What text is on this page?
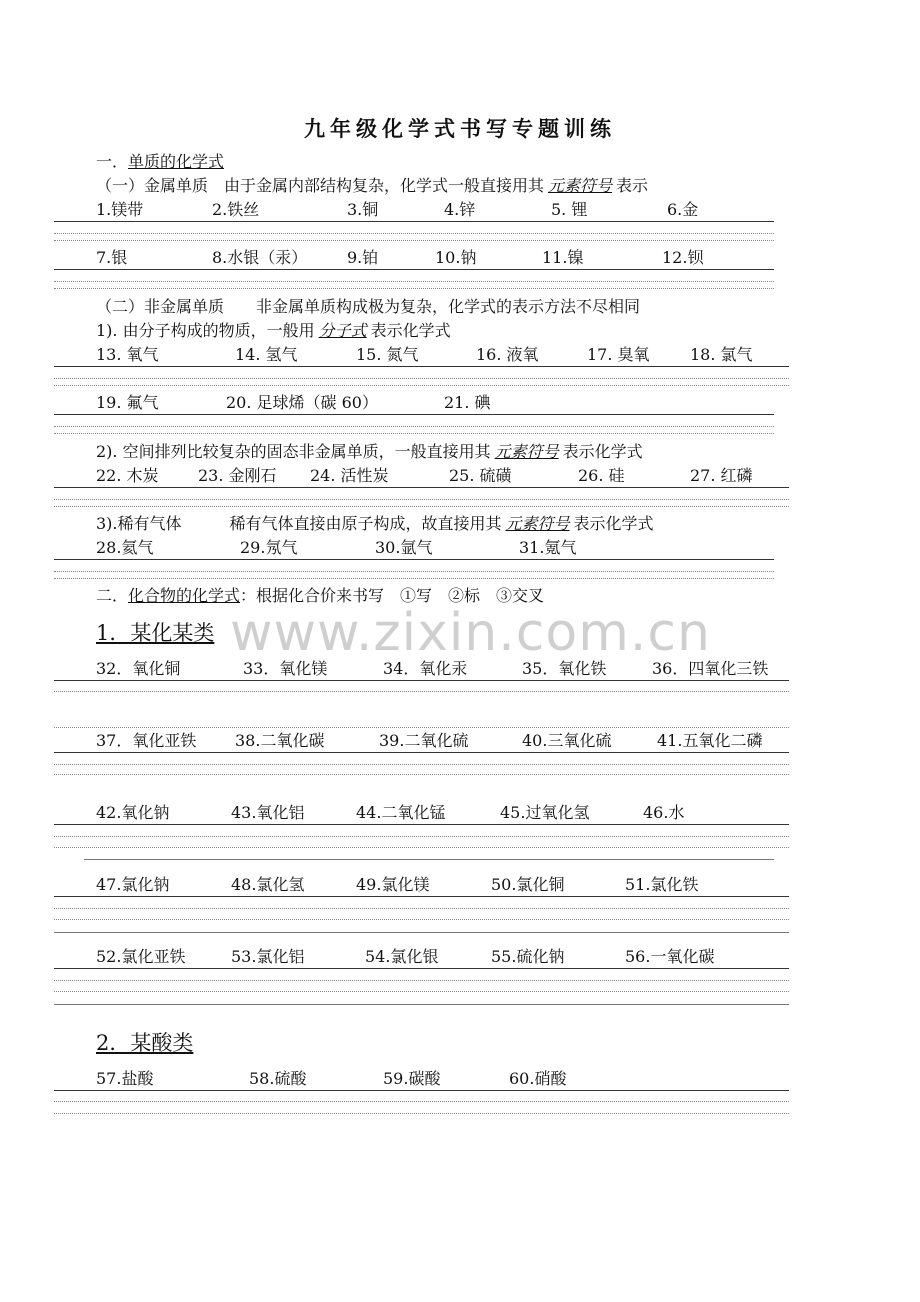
九年级化学式书写专题训练
一．单质的化学式
（一）金属单质　由于金属内部结构复杂，化学式一般直接用其 元素符号 表示
1.镁带	2.铁丝	3.铜	4.锌	5. 锂	6.金
7.银	8.水银（汞） 9.铂	10.钠	11.镍	12.钡
（二）非金属单质　　非金属单质构成极为复杂，化学式的表示方法不尽相同
1). 由分子构成的物质，一般用 分子式 表示化学式
13. 氧气	14. 氢气	15. 氮气	16. 液氧	17. 臭氧	18. 氯气
19. 氟气	20. 足球烯（碳 60）	21. 碘
2). 空间排列比较复杂的固态非金属单质，一般直接用其 元素符号 表示化学式
22. 木炭 23. 金刚石 24. 活性炭	25. 硫磺	26. 硅	27. 红磷
3).稀有气体　　　稀有气体直接由原子构成，故直接用其 元素符号 表示化学式
28.氦气	29.氖气	30.氩气	31.氪气
二．化合物的化学式：根据化合价来书写　①写　②标　③交叉
www.zixin.com.cn
1．某化某类
32．氧化铜	33．氧化镁	34．氧化汞	35．氧化铁	36．四氧化三铁
37．氧化亚铁 38.二氧化碳	39.二氧化硫	40.三氧化硫	41.五氧化二磷
42.氧化钠	43.氧化铝	44.二氧化锰	45.过氧化氢	46.水
47.氯化钠	48.氯化氢	49.氯化镁	50.氯化铜	51.氯化铁
52.氯化亚铁	53.氯化铝	54.氯化银	55.硫化钠	56.一氧化碳
2．某酸类
57.盐酸	58.硫酸	59.碳酸	60.硝酸
